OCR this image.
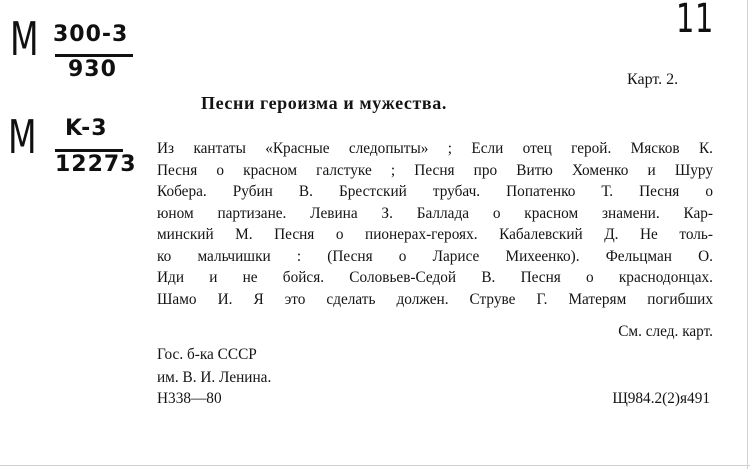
M 300-3
930
M K-3
12273
11
Карт. 2.
Песни героизма и мужества.
Из кантаты «Красные следопыты» ; Если отец герой. Мясков К.
Песня о красном галстуке ; Песня про Витю Хоменко и Шуру
Кобера. Рубин В. Брестский трубач. Попатенко Т. Песня о
юном партизане. Левина З. Баллада о красном знамени. Кар-
минский М. Песня о пионерах-героях. Кабалевский Д. Не толь-
ко мальчишки : (Песня о Ларисе Михеенко). Фельцман О.
Иди и не бойся. Соловьев-Седой В. Песня о краснодонцах.
Шамо И. Я это сделать должен. Струве Г. Матерям погибших
См. след. карт.
Гос. б-ка СССР
им. В. И. Ленина.
Н338—80	Щ984.2(2)я491
